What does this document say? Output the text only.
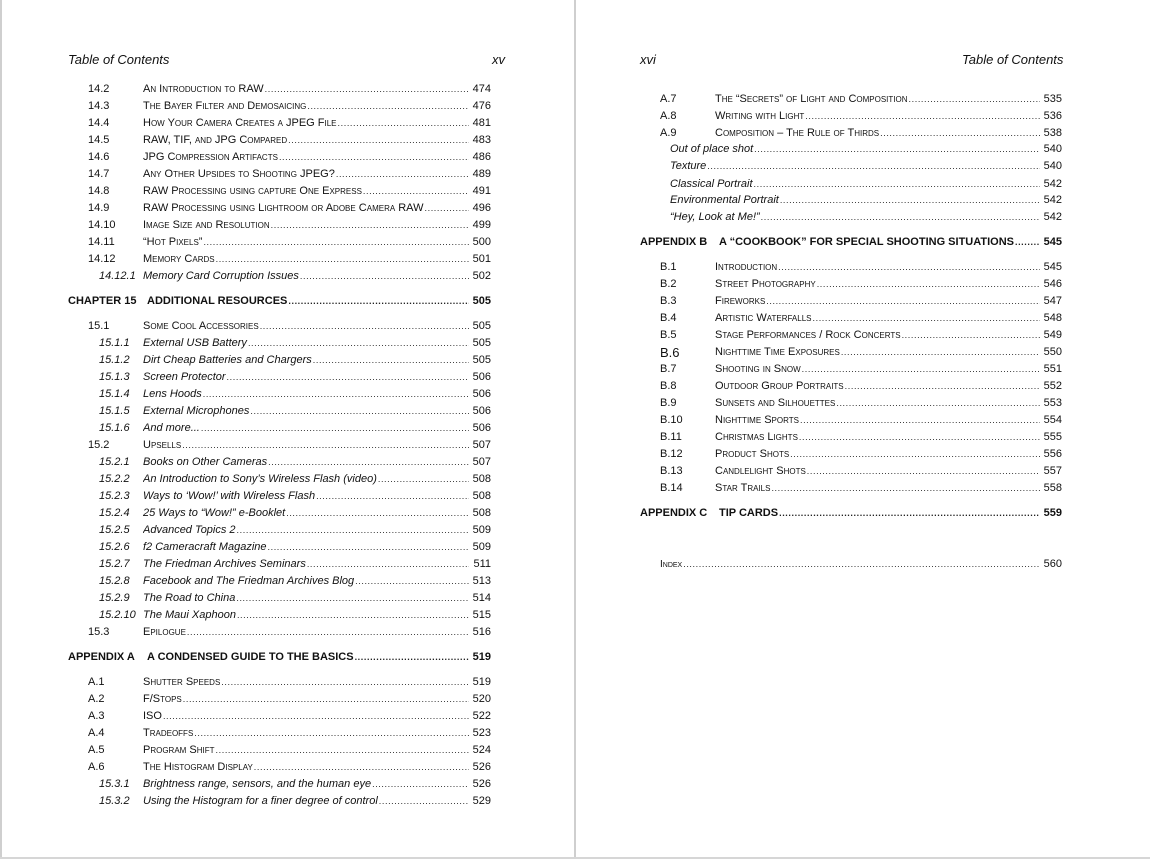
Table of Contents	xv
14.2	An Introduction to RAW .....	474
14.3	The Bayer Filter and Demosaicing .....	476
14.4	How Your Camera Creates a JPEG File .....	481
14.5	RAW, TIF, and JPG Compared .....	483
14.6	JPG Compression Artifacts .....	486
14.7	Any Other Upsides to Shooting JPEG? .....	489
14.8	RAW Processing using capture One Express .....	491
14.9	RAW Processing using Lightroom or Adobe Camera RAW .....	496
14.10 Image Size and Resolution .....	499
14.11	“Hot Pixels” .....	500
14.12 Memory Cards .....	501
14.12.1 Memory Card Corruption Issues .....	502
CHAPTER 15 ADDITIONAL RESOURCES .....	505
15.1	Some Cool Accessories .....	505
15.1.1 External USB Battery .....	505
15.1.2 Dirt Cheap Batteries and Chargers .....	505
15.1.3 Screen Protector .....	506
15.1.4 Lens Hoods .....	506
15.1.5 External Microphones .....	506
15.1.6 And more... .....	506
15.2	Upsells .....	507
15.2.1 Books on Other Cameras .....	507
15.2.2 An Introduction to Sony’s Wireless Flash (video) .....	508
15.2.3 Ways to ‘Wow!’ with Wireless Flash .....	508
15.2.4 25 Ways to “Wow!” e-Booklet .....	508
15.2.5 Advanced Topics 2 .....	509
15.2.6 f2 Cameracraft Magazine .....	509
15.2.7 The Friedman Archives Seminars .....	511
15.2.8 Facebook and The Friedman Archives Blog .....	513
15.2.9 The Road to China .....	514
15.2.10 The Maui Xaphoon .....	515
15.3	Epilogue .....	516
APPENDIX A A CONDENSED GUIDE TO THE BASICS .....	519
A.1	Shutter Speeds .....	519
A.2	F/Stops .....	520
A.3	ISO .....	522
A.4	Tradeoffs .....	523
A.5	Program Shift .....	524
A.6	The Histogram Display .....	526
15.3.1 Brightness range, sensors, and the human eye .....	526
15.3.2 Using the Histogram for a finer degree of control .....	529
xvi	Table of Contents
A.7	The “Secrets” of Light and Composition .....	535
A.8	Writing with Light .....	536
A.9	Composition – The Rule of Thirds .....	538
Out of place shot .....	540
Texture .....	540
Classical Portrait .....	542
Environmental Portrait .....	542
“Hey, Look at Me!” .....	542
APPENDIX B A “COOKBOOK” FOR SPECIAL SHOOTING SITUATIONS .....	545
B.1	Introduction .....	545
B.2	Street Photography .....	546
B.3	Fireworks .....	547
B.4	Artistic Waterfalls .....	548
B.5	Stage Performances / Rock Concerts .....	549
B.6	Nighttime Time Exposures .....	550
B.7	Shooting in Snow .....	551
B.8	Outdoor Group Portraits .....	552
B.9	Sunsets and Silhouettes .....	553
B.10	Nighttime Sports .....	554
B.11	Christmas Lights .....	555
B.12	Product Shots .....	556
B.13	Candlelight Shots .....	557
B.14	Star Trails .....	558
APPENDIX C TIP CARDS .....	559
Index .....	560
